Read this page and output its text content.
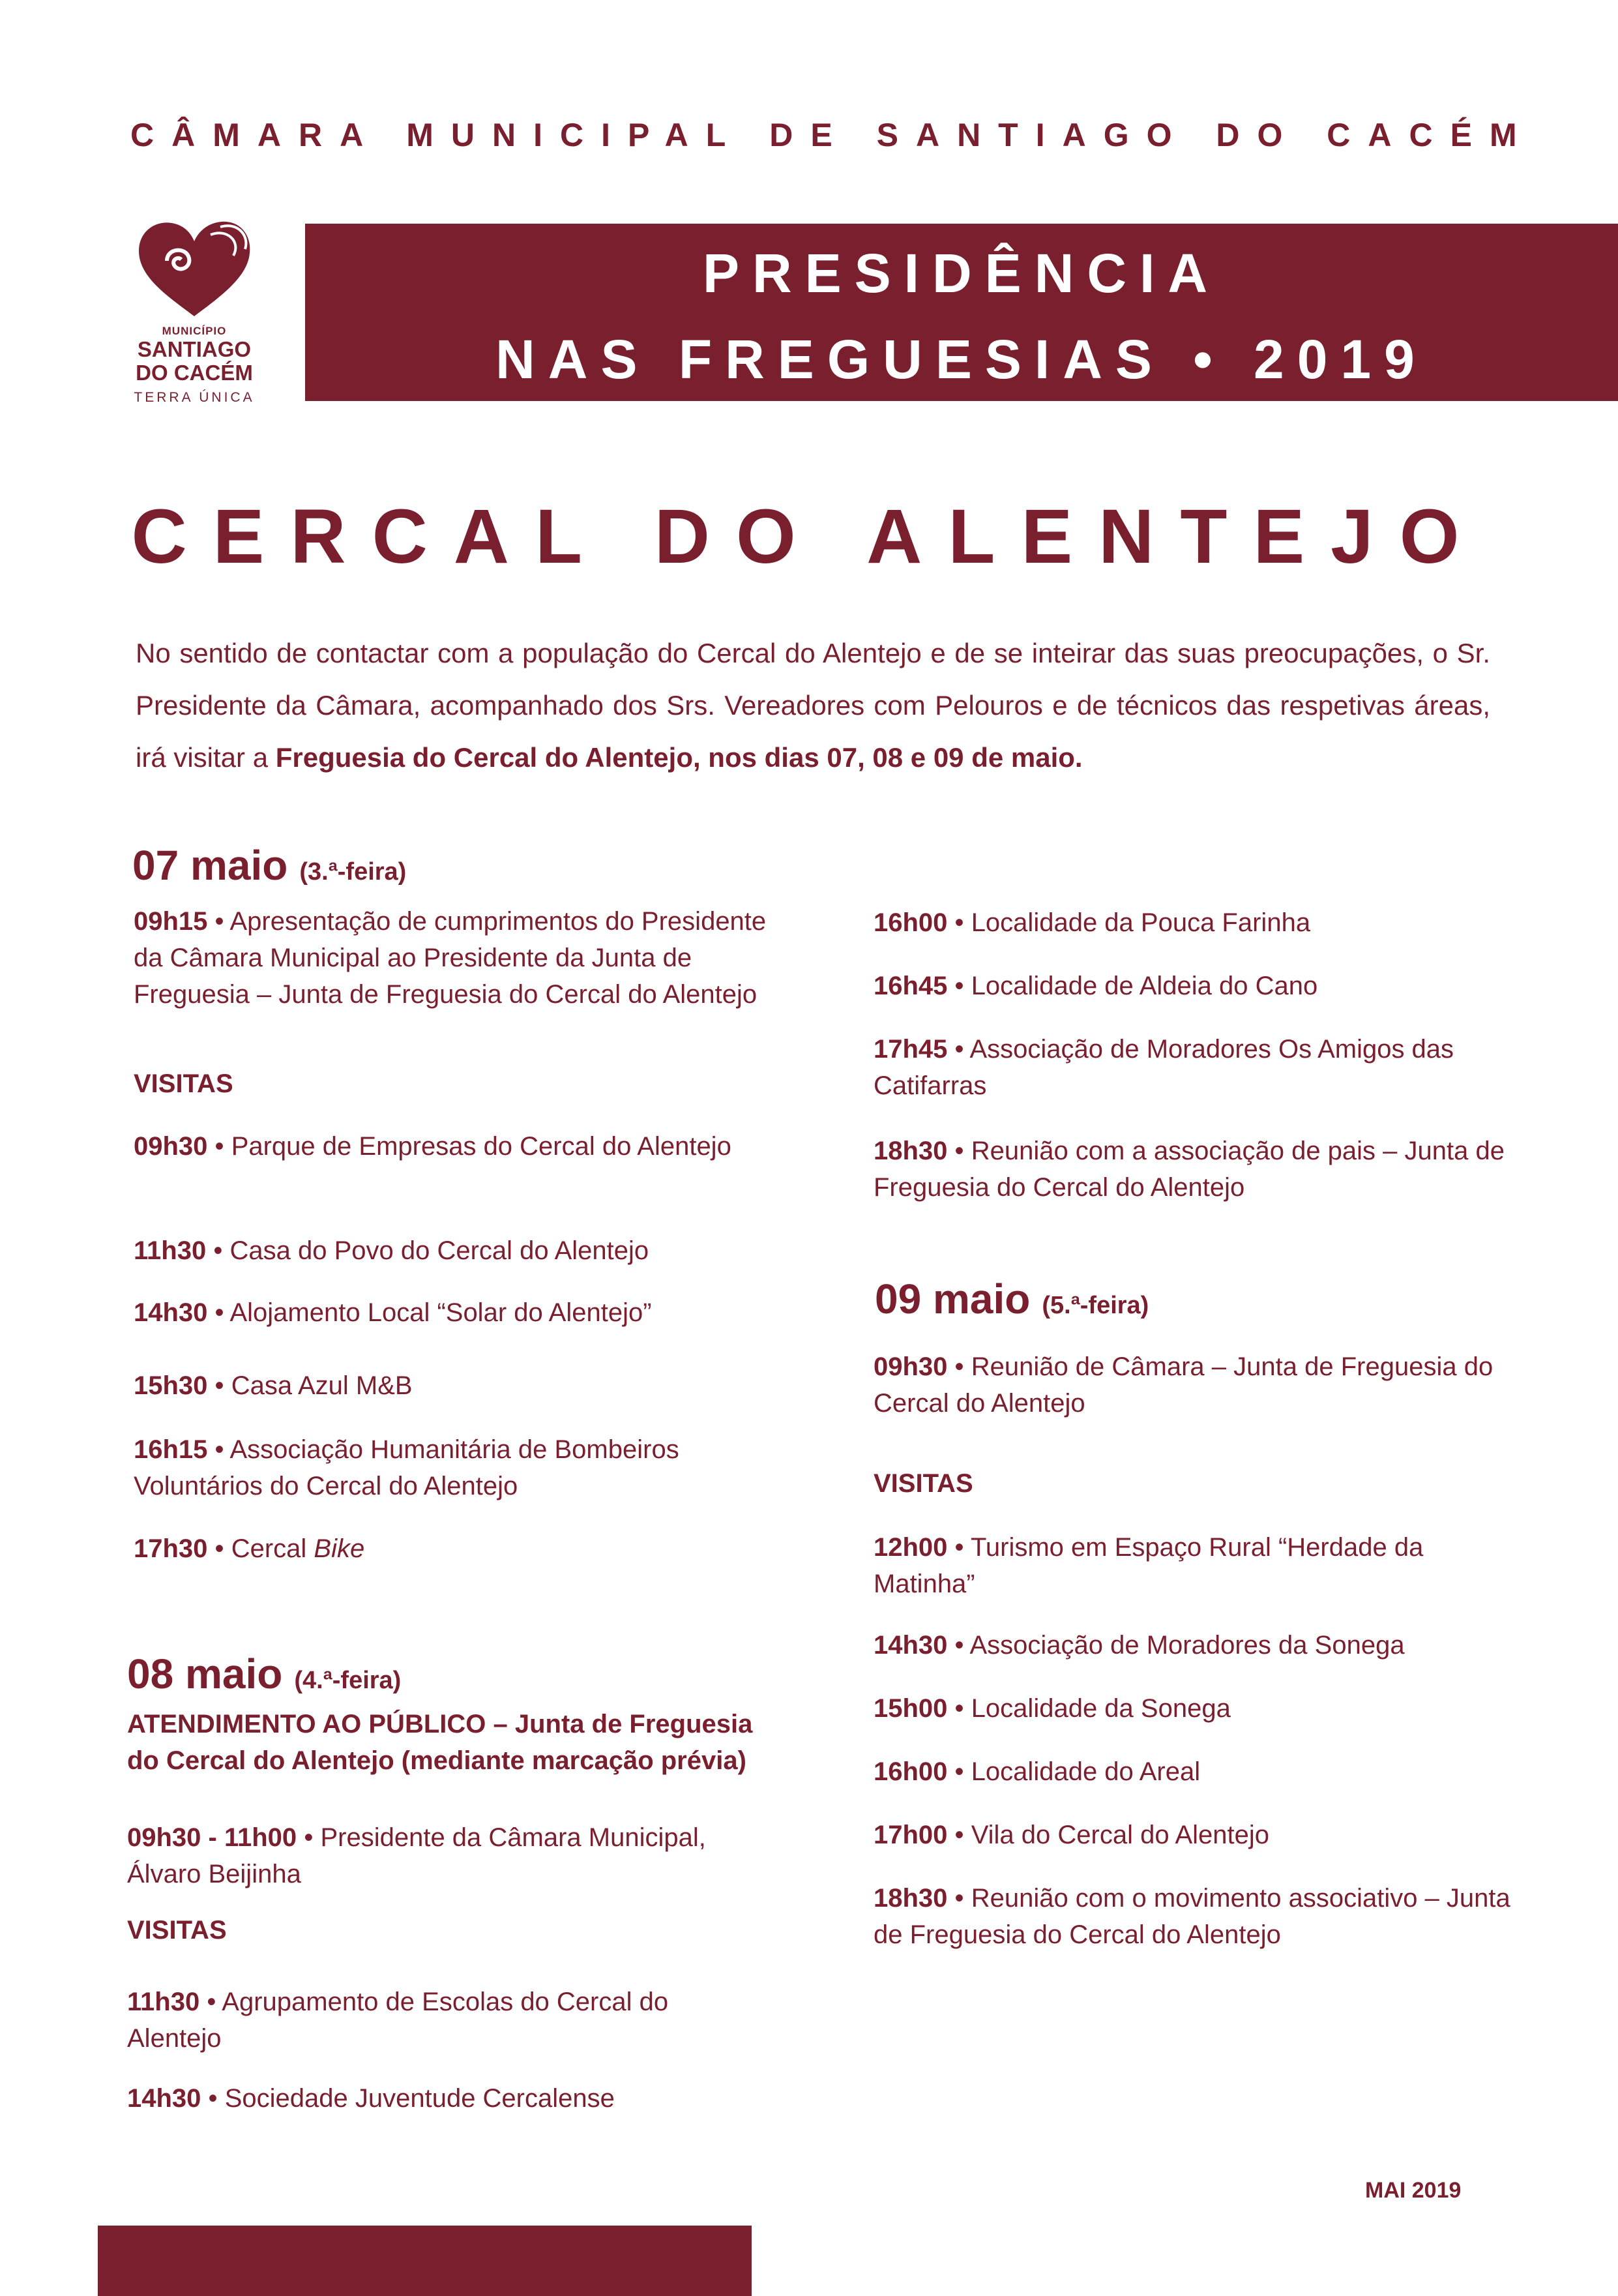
CÂMARA MUNICIPAL DE SANTIAGO DO CACÉM
MUNICÍPIO
SANTIAGO
DO CACÉM
TERRA ÚNICA
PRESIDÊNCIA
NAS FREGUESIAS • 2019
CERCAL DO ALENTEJO

No sentido de contactar com a população do Cercal do Alentejo e de se inteirar das suas preocupações, o Sr. Presidente da Câmara, acompanhado dos Srs. Vereadores com Pelouros e de técnicos das respetivas áreas, irá visitar a Freguesia do Cercal do Alentejo, nos dias 07, 08 e 09 de maio.

07 maio (3.ª-feira)
09h15 • Apresentação de cumprimentos do Presidente da Câmara Municipal ao Presidente da Junta de Freguesia – Junta de Freguesia do Cercal do Alentejo
VISITAS
09h30 • Parque de Empresas do Cercal do Alentejo
11h30 • Casa do Povo do Cercal do Alentejo
14h30 • Alojamento Local “Solar do Alentejo”
15h30 • Casa Azul M&B
16h15 • Associação Humanitária de Bombeiros Voluntários do Cercal do Alentejo
17h30 • Cercal Bike
08 maio (4.ª-feira)
ATENDIMENTO AO PÚBLICO – Junta de Freguesia do Cercal do Alentejo (mediante marcação prévia)
09h30 - 11h00 • Presidente da Câmara Municipal, Álvaro Beijinha
VISITAS
11h30 • Agrupamento de Escolas do Cercal do Alentejo
14h30 • Sociedade Juventude Cercalense
16h00 • Localidade da Pouca Farinha
16h45 • Localidade de Aldeia do Cano
17h45 • Associação de Moradores Os Amigos das Catifarras
18h30 • Reunião com a associação de pais – Junta de Freguesia do Cercal do Alentejo
09 maio (5.ª-feira)
09h30 • Reunião de Câmara – Junta de Freguesia do Cercal do Alentejo
VISITAS
12h00 • Turismo em Espaço Rural “Herdade da Matinha”
14h30 • Associação de Moradores da Sonega
15h00 • Localidade da Sonega
16h00 • Localidade do Areal
17h00 • Vila do Cercal do Alentejo
18h30 • Reunião com o movimento associativo – Junta de Freguesia do Cercal do Alentejo
MAI 2019
